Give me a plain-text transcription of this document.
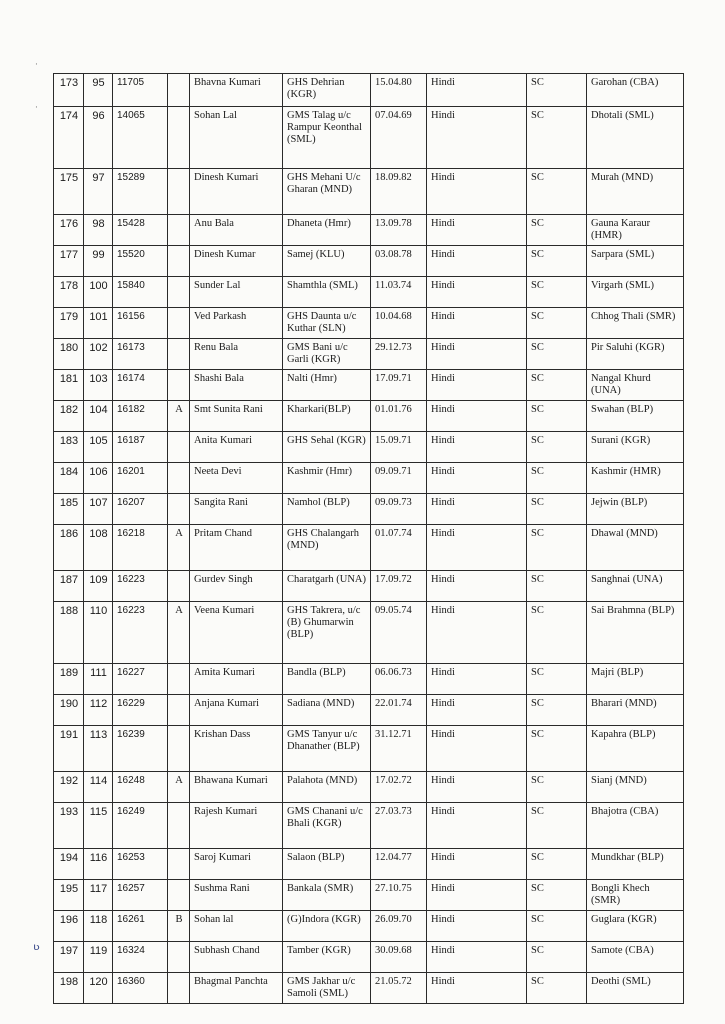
·
·
173	95	11705		Bhavna Kumari	GHS Dehrian (KGR)	15.04.80	Hindi	SC	Garohan (CBA)
174	96	14065		Sohan Lal	GMS Talag u/c Rampur Keonthal (SML)	07.04.69	Hindi	SC	Dhotali (SML)
175	97	15289		Dinesh Kumari	GHS Mehani U/c Gharan (MND)	18.09.82	Hindi	SC	Murah (MND)
176	98	15428		Anu Bala	Dhaneta (Hmr)	13.09.78	Hindi	SC	Gauna Karaur (HMR)
177	99	15520		Dinesh Kumar	Samej (KLU)	03.08.78	Hindi	SC	Sarpara (SML)
178	100	15840		Sunder Lal	Shamthla (SML)	11.03.74	Hindi	SC	Virgarh (SML)
179	101	16156		Ved Parkash	GHS Daunta u/c Kuthar (SLN)	10.04.68	Hindi	SC	Chhog Thali (SMR)
180	102	16173		Renu Bala	GMS Bani u/c Garli (KGR)	29.12.73	Hindi	SC	Pir Saluhi (KGR)
181	103	16174		Shashi Bala	Nalti (Hmr)	17.09.71	Hindi	SC	Nangal Khurd (UNA)
182	104	16182	A	Smt Sunita Rani	Kharkari(BLP)	01.01.76	Hindi	SC	Swahan (BLP)
183	105	16187		Anita Kumari	GHS Sehal (KGR)	15.09.71	Hindi	SC	Surani (KGR)
184	106	16201		Neeta Devi	Kashmir (Hmr)	09.09.71	Hindi	SC	Kashmir (HMR)
185	107	16207		Sangita Rani	Namhol (BLP)	09.09.73	Hindi	SC	Jejwin (BLP)
186	108	16218	A	Pritam Chand	GHS Chalangarh (MND)	01.07.74	Hindi	SC	Dhawal (MND)
187	109	16223		Gurdev Singh	Charatgarh (UNA)	17.09.72	Hindi	SC	Sanghnai (UNA)
188	110	16223	A	Veena Kumari	GHS Takrera, u/c (B) Ghumarwin (BLP)	09.05.74	Hindi	SC	Sai Brahmna (BLP)
189	111	16227		Amita Kumari	Bandla (BLP)	06.06.73	Hindi	SC	Majri (BLP)
190	112	16229		Anjana Kumari	Sadiana (MND)	22.01.74	Hindi	SC	Bharari (MND)
191	113	16239		Krishan Dass	GMS Tanyur u/c Dhanather (BLP)	31.12.71	Hindi	SC	Kapahra (BLP)
192	114	16248	A	Bhawana Kumari	Palahota (MND)	17.02.72	Hindi	SC	Sianj (MND)
193	115	16249		Rajesh Kumari	GMS Chanani u/c Bhali (KGR)	27.03.73	Hindi	SC	Bhajotra (CBA)
194	116	16253		Saroj Kumari	Salaon (BLP)	12.04.77	Hindi	SC	Mundkhar (BLP)
195	117	16257		Sushma Rani	Bankala (SMR)	27.10.75	Hindi	SC	Bongli Khech (SMR)
196	118	16261	B	Sohan lal	(G)Indora (KGR)	26.09.70	Hindi	SC	Guglara (KGR)
197	119	16324		Subhash Chand	Tamber (KGR)	30.09.68	Hindi	SC	Samote (CBA)
198	120	16360		Bhagmal Panchta	GMS Jakhar u/c Samoli (SML)	21.05.72	Hindi	SC	Deothi (SML)
ᶹ
